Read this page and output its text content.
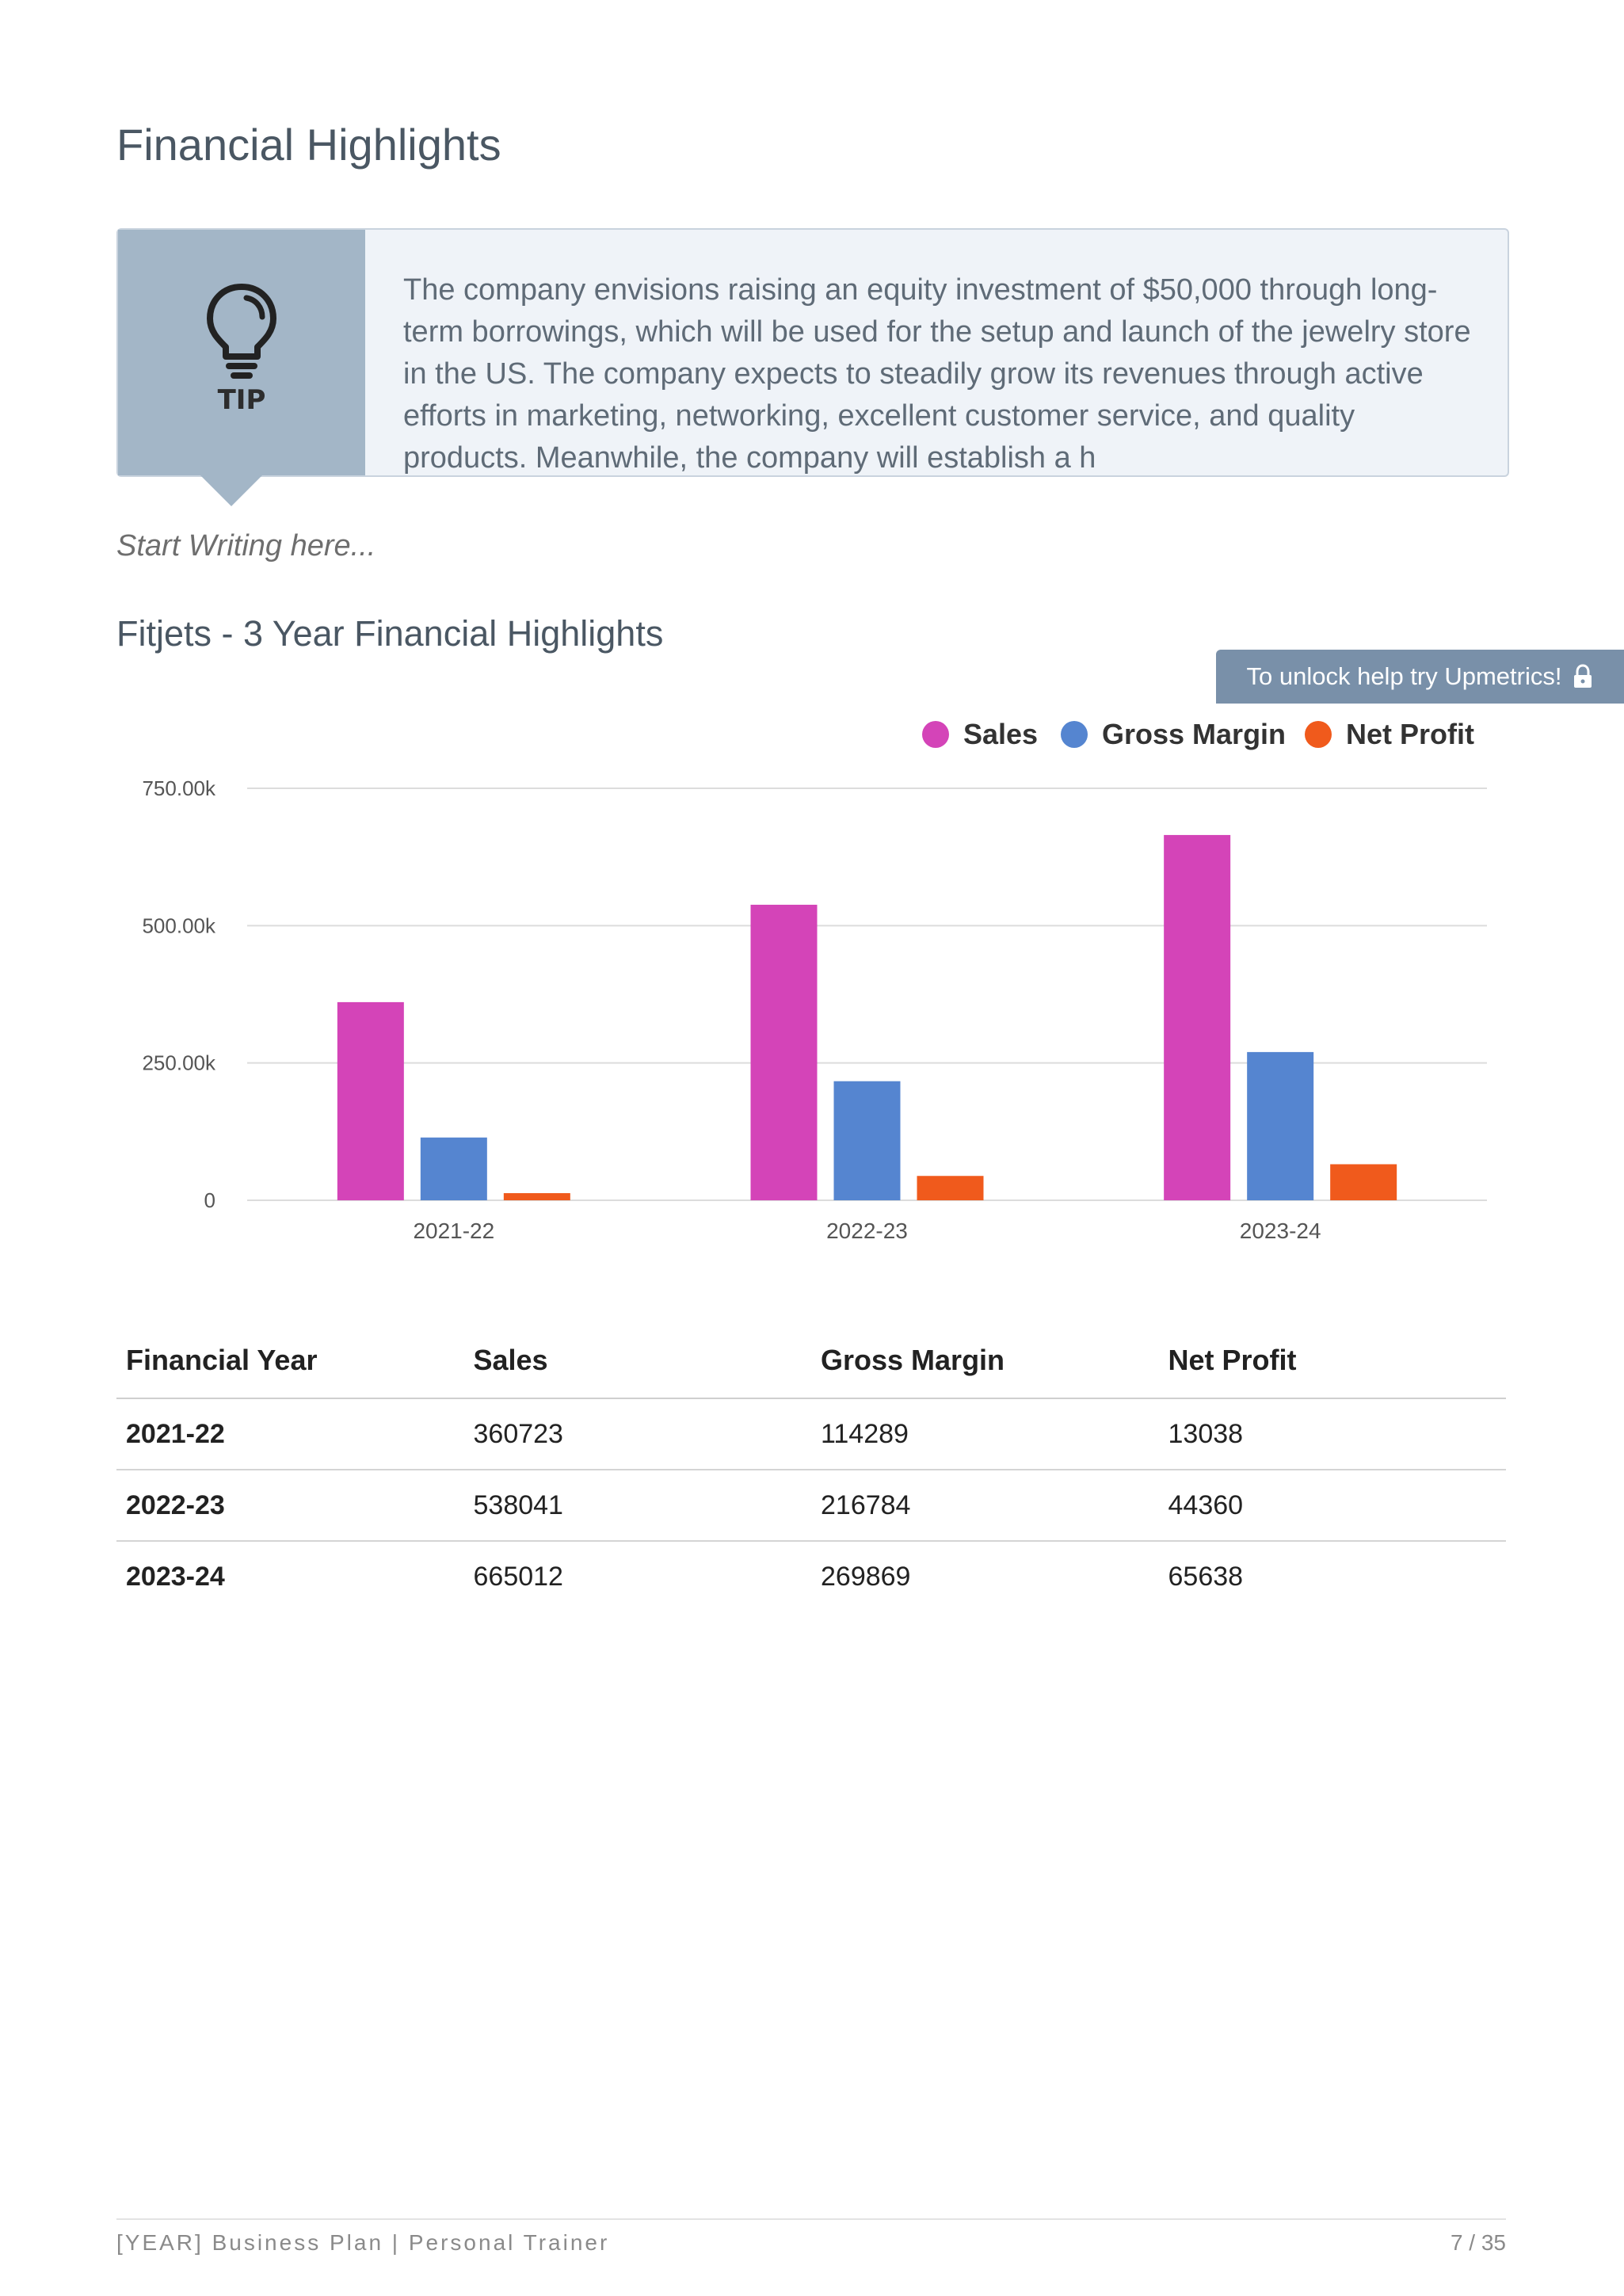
Financial Highlights
TIP
The company envisions raising an equity investment of $50,000 through long-term borrowings, which will be used for the setup and launch of the jewelry store in the US. The company expects to steadily grow its revenues through active efforts in marketing, networking, excellent customer service, and quality products. Meanwhile, the company will establish a h
To unlock help try Upmetrics!
Start Writing here...
Fitjets - 3 Year Financial Highlights
0
250.00k
500.00k
750.00k
2021-22	2022-23	2023-24
Sales Gross Margin Net Profit
Financial Year	Sales	Gross Margin	Net Profit
2021-22	360723	114289	13038
2022-23	538041	216784	44360
2023-24	665012	269869	65638
[YEAR] Business Plan | Personal Trainer	7 / 35
